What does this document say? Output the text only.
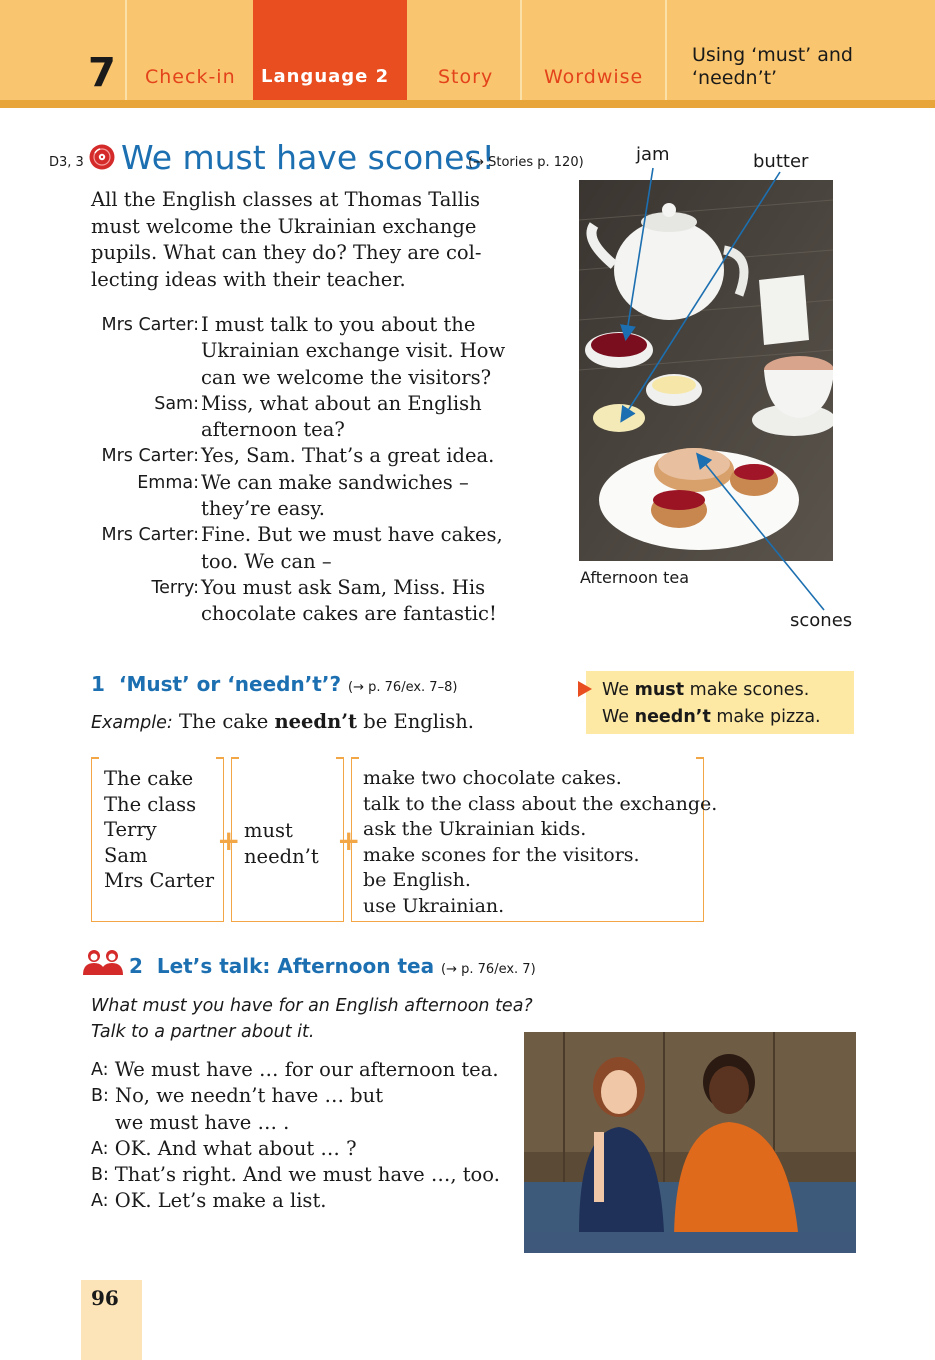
7 Check-in Language 2	Story	Wordwise
Using ‘must’ and
‘needn’t’
D3, 3 We must have scones!
(→ Stories p. 120)
All the English classes at Thomas Tallis must welcome the Ukrainian exchange pupils. What can they do? They are collecting ideas with their teacher.
Mrs Carter: I must talk to you about the Ukrainian exchange visit. How can we welcome the visitors?
Sam: Miss, what about an English afternoon tea?
Mrs Carter: Yes, Sam. That’s a great idea.
Emma: We can make sandwiches – they’re easy.
Mrs Carter: Fine. But we must have cakes, too. We can –
Terry: You must ask Sam, Miss. His chocolate cakes are fantastic!
Afternoon tea
jam	butter
scones
1 ‘Must’ or ‘needn’t’? (→ p. 76/ex. 7–8)
Example: The cake needn’t be English.
We must make scones.
We needn’t make pizza.
The cake
The class
Terry
Sam
Mrs Carter
+ must
needn’t +
make two chocolate cakes.
talk to the class about the exchange.
ask the Ukrainian kids.
make scones for the visitors.
be English.
use Ukrainian.
2 Let’s talk: Afternoon tea (→ p. 76/ex. 7)
What must you have for an English afternoon tea?
Talk to a partner about it.
A: We must have … for our afternoon tea.
B: No, we needn’t have … but we must have … .
A: OK. And what about … ?
B: That’s right. And we must have …, too.
A: OK. Let’s make a list.
96
